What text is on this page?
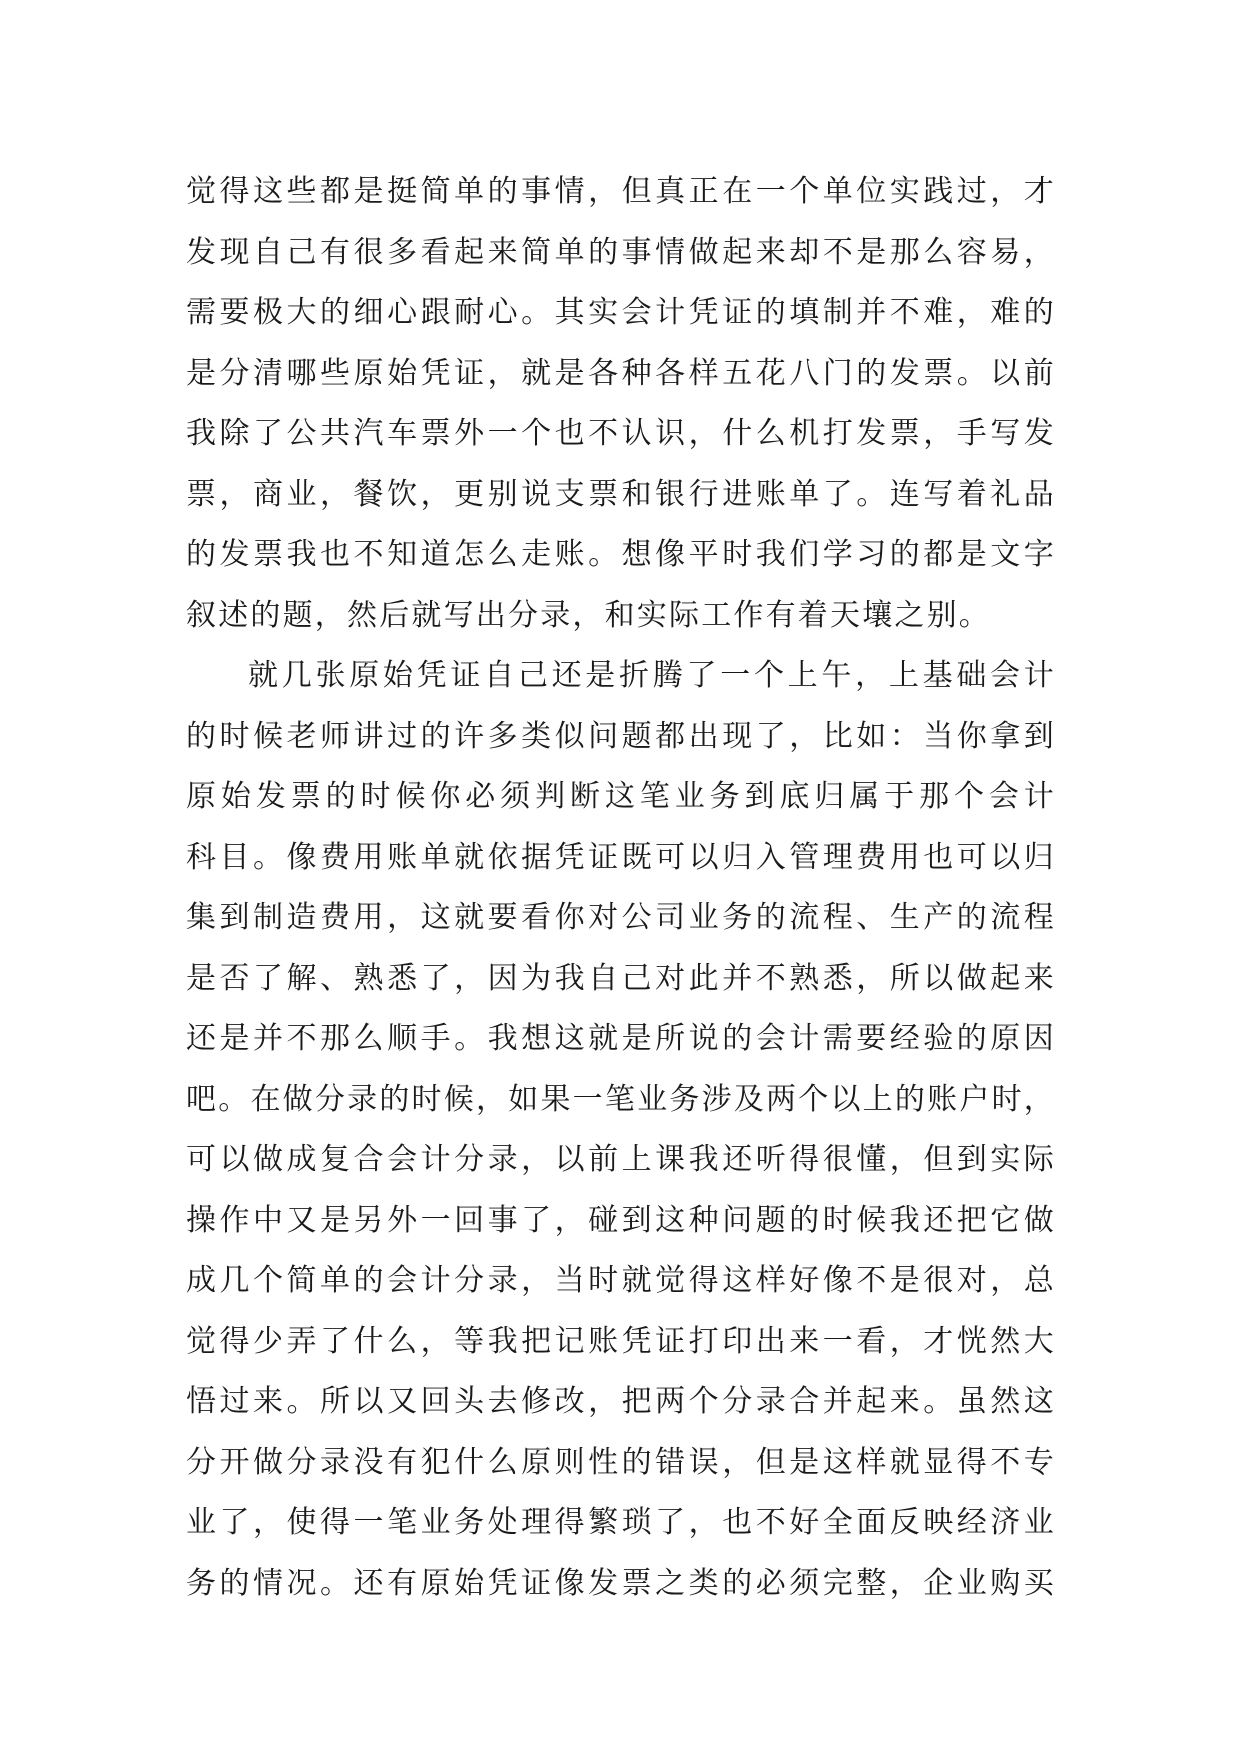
觉得这些都是挺简单的事情，但真正在一个单位实践过，才
发现自己有很多看起来简单的事情做起来却不是那么容易，
需要极大的细心跟耐心。其实会计凭证的填制并不难，难的
是分清哪些原始凭证，就是各种各样五花八门的发票。以前
我除了公共汽车票外一个也不认识，什么机打发票，手写发
票，商业，餐饮，更别说支票和银行进账单了。连写着礼品
的发票我也不知道怎么走账。想像平时我们学习的都是文字
叙述的题，然后就写出分录，和实际工作有着天壤之别。
就几张原始凭证自己还是折腾了一个上午，上基础会计
的时候老师讲过的许多类似问题都出现了，比如：当你拿到
原始发票的时候你必须判断这笔业务到底归属于那个会计
科目。像费用账单就依据凭证既可以归入管理费用也可以归
集到制造费用，这就要看你对公司业务的流程、生产的流程
是否了解、熟悉了，因为我自己对此并不熟悉，所以做起来
还是并不那么顺手。我想这就是所说的会计需要经验的原因
吧。在做分录的时候，如果一笔业务涉及两个以上的账户时，
可以做成复合会计分录，以前上课我还听得很懂，但到实际
操作中又是另外一回事了，碰到这种问题的时候我还把它做
成几个简单的会计分录，当时就觉得这样好像不是很对，总
觉得少弄了什么，等我把记账凭证打印出来一看，才恍然大
悟过来。所以又回头去修改，把两个分录合并起来。虽然这
分开做分录没有犯什么原则性的错误，但是这样就显得不专
业了，使得一笔业务处理得繁琐了，也不好全面反映经济业
务的情况。还有原始凭证像发票之类的必须完整，企业购买
